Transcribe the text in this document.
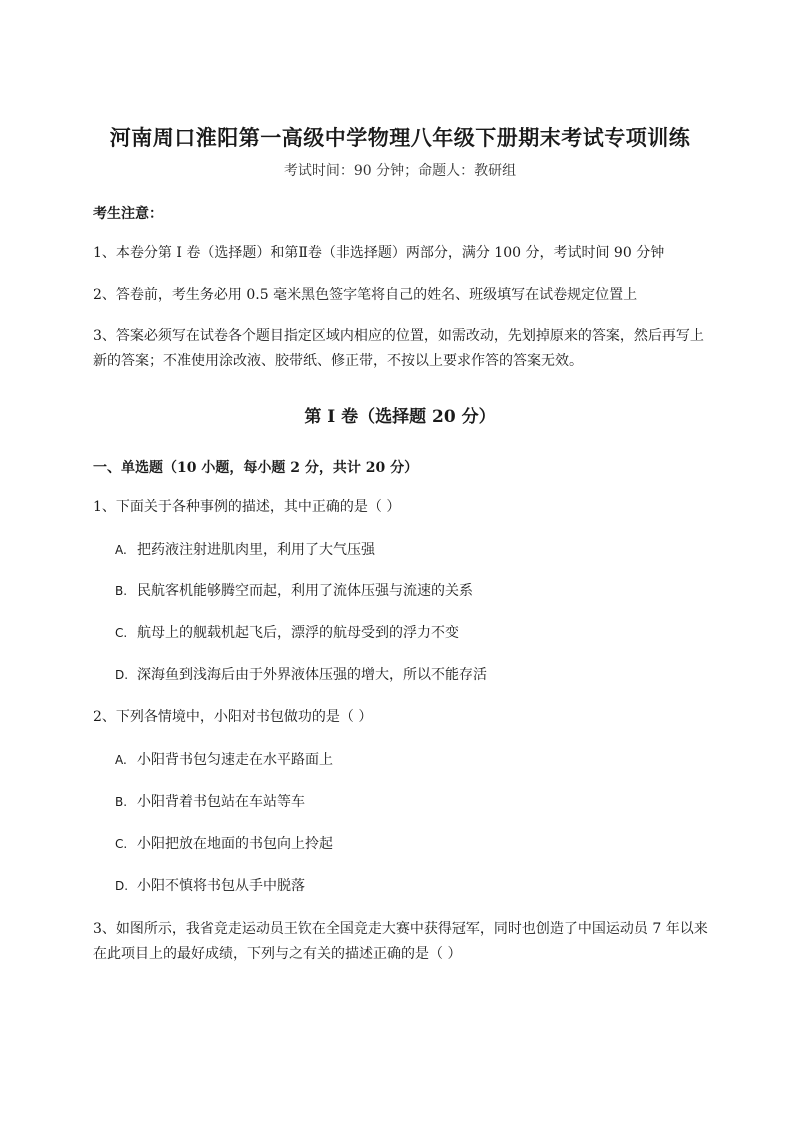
河南周口淮阳第一高级中学物理八年级下册期末考试专项训练
考试时间：90 分钟；命题人：教研组
考生注意：
1、本卷分第 I 卷（选择题）和第Ⅱ卷（非选择题）两部分，满分 100 分，考试时间 90 分钟
2、答卷前，考生务必用 0.5 毫米黑色签字笔将自己的姓名、班级填写在试卷规定位置上
3、答案必须写在试卷各个题目指定区域内相应的位置，如需改动，先划掉原来的答案，然后再写上新的答案；不准使用涂改液、胶带纸、修正带，不按以上要求作答的答案无效。
第 I 卷（选择题 20 分）
一、单选题（10 小题，每小题 2 分，共计 20 分）
1、下面关于各种事例的描述，其中正确的是（ ）
A. 把药液注射进肌肉里，利用了大气压强
B. 民航客机能够腾空而起，利用了流体压强与流速的关系
C. 航母上的舰载机起飞后，漂浮的航母受到的浮力不变
D. 深海鱼到浅海后由于外界液体压强的增大，所以不能存活
2、下列各情境中，小阳对书包做功的是（ ）
A. 小阳背书包匀速走在水平路面上
B. 小阳背着书包站在车站等车
C. 小阳把放在地面的书包向上拎起
D. 小阳不慎将书包从手中脱落
3、如图所示，我省竞走运动员王钦在全国竞走大赛中获得冠军，同时也创造了中国运动员 7 年以来在此项目上的最好成绩，下列与之有关的描述正确的是（ ）
